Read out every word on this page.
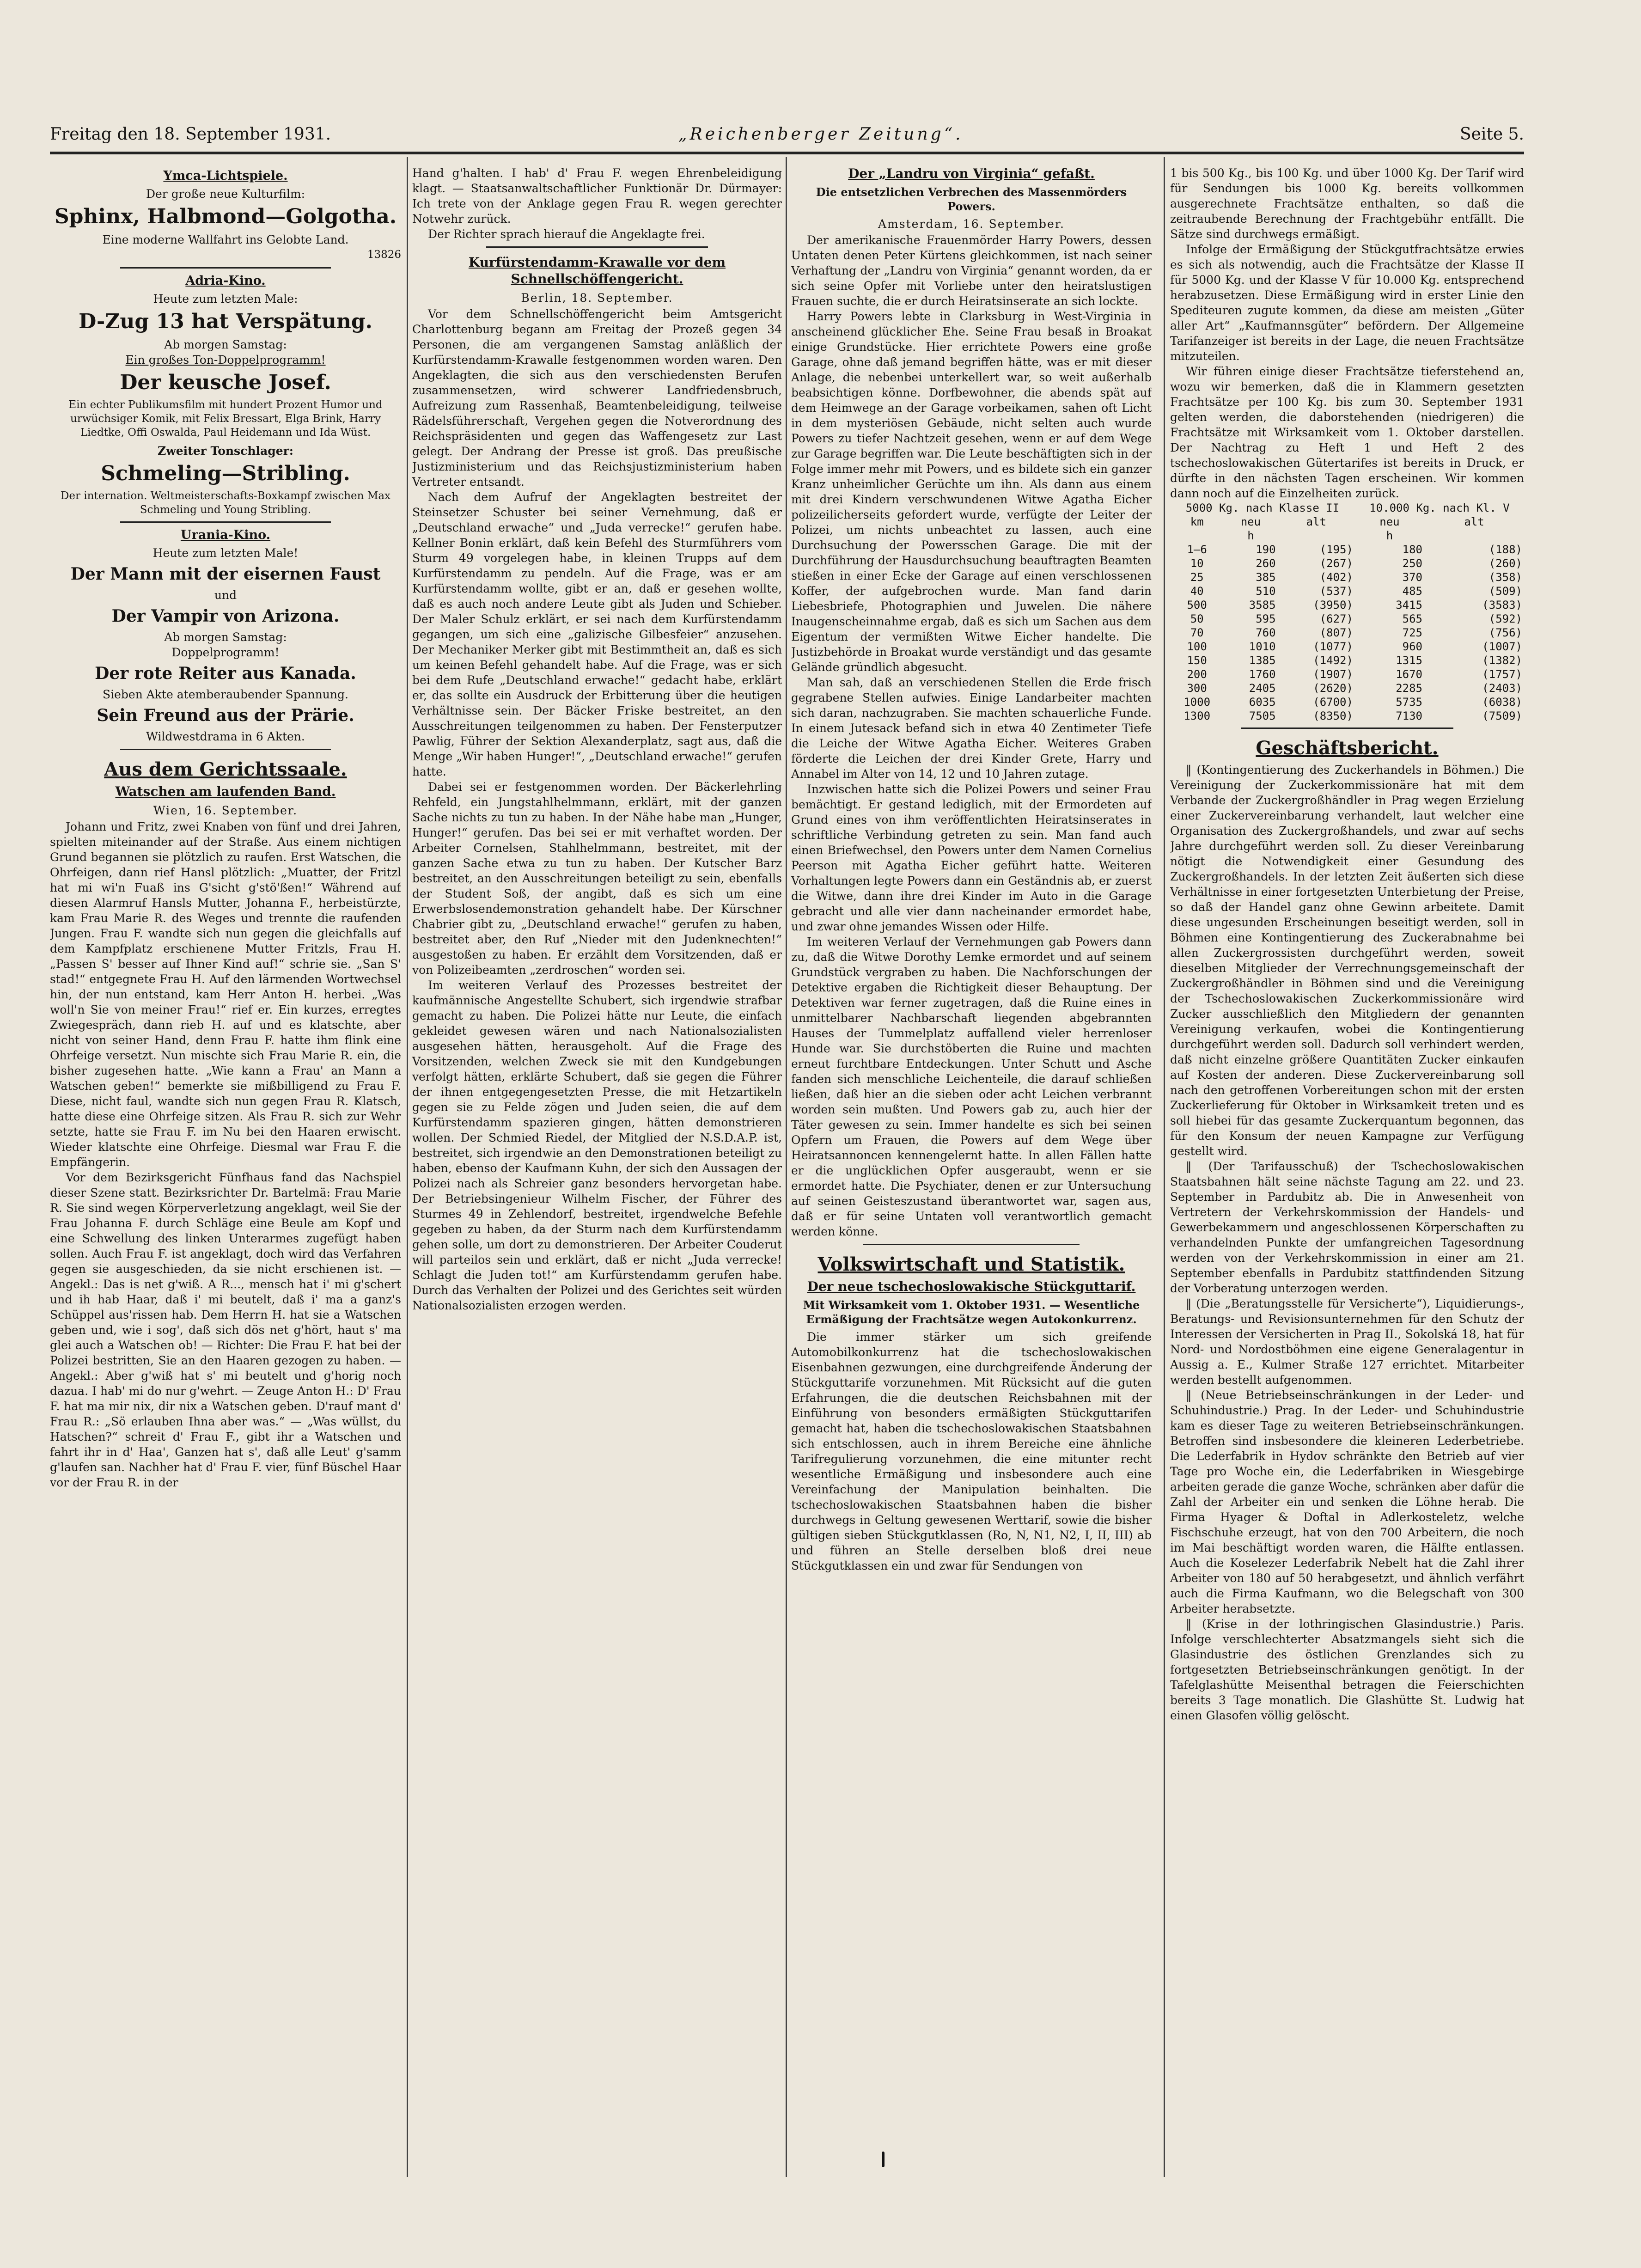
Freitag den 18. September 1931.	„Reichenberger Zeitung“.	Seite 5.
Ymca-Lichtspiele.
Der große neue Kulturfilm:
Sphinx, Halbmond—Golgotha.
Eine moderne Wallfahrt ins Gelobte Land.
13826
Adria-Kino.
Heute zum letzten Male:
D-Zug 13 hat Verspätung.
Ab morgen Samstag:
Ein großes Ton-Doppelprogramm!
Der keusche Josef.
Ein echter Publikumsfilm mit hundert Prozent Humor und urwüchsiger Komik, mit Felix Bressart, Elga Brink, Harry Liedtke, Offi Oswalda, Paul Heidemann und Ida Wüst.
Zweiter Tonschlager:
Schmeling—Stribling.
Der internation. Weltmeisterschafts-Boxkampf zwischen Max Schmeling und Young Stribling.
Urania-Kino.
Heute zum letzten Male!
Der Mann mit der eisernen Faust
und
Der Vampir von Arizona.
Ab morgen Samstag:
Doppelprogramm!
Der rote Reiter aus Kanada.
Sieben Akte atemberaubender Spannung.
Sein Freund aus der Prärie.
Wildwestdrama in 6 Akten.
Aus dem Gerichtssaale.
Watschen am laufenden Band.
Wien, 16. September.

Johann und Fritz, zwei Knaben von fünf und drei Jahren, spielten miteinander auf der Straße. Aus einem nichtigen Grund begannen sie plötzlich zu raufen. Erst Watschen, die Ohrfeigen, dann rief Hansl plötzlich: „Muatter, der Fritzl hat mi wi'n Fuaß ins G'sicht g'stö'ßen!“ Während auf diesen Alarmruf Hansls Mutter, Johanna F., herbeistürzte, kam Frau Marie R. des Weges und trennte die raufenden Jungen. Frau F. wandte sich nun gegen die gleichfalls auf dem Kampfplatz erschienene Mutter Fritzls, Frau H. „Passen S' besser auf Ihner Kind auf!“ schrie sie. „San S' stad!“ entgegnete Frau H. Auf den lärmenden Wortwechsel hin, der nun entstand, kam Herr Anton H. herbei. „Was woll'n Sie von meiner Frau!“ rief er. Ein kurzes, erregtes Zwiegespräch, dann rieb H. auf und es klatschte, aber nicht von seiner Hand, denn Frau F. hatte ihm flink eine Ohrfeige versetzt. Nun mischte sich Frau Marie R. ein, die bisher zugesehen hatte. „Wie kann a Frau' an Mann a Watschen geben!“ bemerkte sie mißbilligend zu Frau F. Diese, nicht faul, wandte sich nun gegen Frau R. Klatsch, hatte diese eine Ohrfeige sitzen. Als Frau R. sich zur Wehr setzte, hatte sie Frau F. im Nu bei den Haaren erwischt. Wieder klatschte eine Ohrfeige. Diesmal war Frau F. die Empfängerin.

Vor dem Bezirksgericht Fünfhaus fand das Nachspiel dieser Szene statt. Bezirksrichter Dr. Bartelmä: Frau Marie R. Sie sind wegen Körperverletzung angeklagt, weil Sie der Frau Johanna F. durch Schläge eine Beule am Kopf und eine Schwellung des linken Unterarmes zugefügt haben sollen. Auch Frau F. ist angeklagt, doch wird das Verfahren gegen sie ausgeschieden, da sie nicht erschienen ist. — Angekl.: Das is net g'wiß. A R..., mensch hat i' mi g'schert und ih hab Haar, daß i' mi beutelt, daß i' ma a ganz's Schüppel aus'rissen hab. Dem Herrn H. hat sie a Watschen geben und, wie i sog', daß sich dös net g'hört, haut s' ma glei auch a Watschen ob! — Richter: Die Frau F. hat bei der Polizei bestritten, Sie an den Haaren gezogen zu haben. — Angekl.: Aber g'wiß hat s' mi beutelt und g'horig noch dazua. I hab' mi do nur g'wehrt. — Zeuge Anton H.: D' Frau F. hat ma mir nix, dir nix a Watschen geben. D'rauf mant d' Frau R.: „Sö erlauben Ihna aber was.“ — „Was wüllst, du Hatschen?“ schreit d' Frau F., gibt ihr a Watschen und fahrt ihr in d' Haa', Ganzen hat s', daß alle Leut' g'samm g'laufen san. Nachher hat d' Frau F. vier, fünf Büschel Haar vor der Frau R. in der

Hand g'halten. I hab' d' Frau F. wegen Ehrenbeleidigung klagt. — Staatsanwaltschaftlicher Funktionär Dr. Dürmayer: Ich trete von der Anklage gegen Frau R. wegen gerechter Notwehr zurück.

Der Richter sprach hierauf die Angeklagte frei.

Kurfürstendamm-Krawalle vor dem Schnellschöffengericht.
Berlin, 18. September.

Vor dem Schnellschöffengericht beim Amtsgericht Charlottenburg begann am Freitag der Prozeß gegen 34 Personen, die am vergangenen Samstag anläßlich der Kurfürstendamm-Krawalle festgenommen worden waren. Den Angeklagten, die sich aus den verschiedensten Berufen zusammensetzen, wird schwerer Landfriedensbruch, Aufreizung zum Rassenhaß, Beamtenbeleidigung, teilweise Rädelsführerschaft, Vergehen gegen die Notverordnung des Reichspräsidenten und gegen das Waffengesetz zur Last gelegt. Der Andrang der Presse ist groß. Das preußische Justizministerium und das Reichsjustizministerium haben Vertreter entsandt.

Nach dem Aufruf der Angeklagten bestreitet der Steinsetzer Schuster bei seiner Vernehmung, daß er „Deutschland erwache“ und „Juda verrecke!“ gerufen habe. Kellner Bonin erklärt, daß kein Befehl des Sturmführers vom Sturm 49 vorgelegen habe, in kleinen Trupps auf dem Kurfürstendamm zu pendeln. Auf die Frage, was er am Kurfürstendamm wollte, gibt er an, daß er gesehen wollte, daß es auch noch andere Leute gibt als Juden und Schieber. Der Maler Schulz erklärt, er sei nach dem Kurfürstendamm gegangen, um sich eine „galizische Gilbesfeier“ anzusehen. Der Mechaniker Merker gibt mit Bestimmtheit an, daß es sich um keinen Befehl gehandelt habe. Auf die Frage, was er sich bei dem Rufe „Deutschland erwache!“ gedacht habe, erklärt er, das sollte ein Ausdruck der Erbitterung über die heutigen Verhältnisse sein. Der Bäcker Friske bestreitet, an den Ausschreitungen teilgenommen zu haben. Der Fensterputzer Pawlig, Führer der Sektion Alexanderplatz, sagt aus, daß die Menge „Wir haben Hunger!“, „Deutschland erwache!“ gerufen hatte.

Dabei sei er festgenommen worden. Der Bäckerlehrling Rehfeld, ein Jungstahlhelmmann, erklärt, mit der ganzen Sache nichts zu tun zu haben. In der Nähe habe man „Hunger, Hunger!“ gerufen. Das bei sei er mit verhaftet worden. Der Arbeiter Cornelsen, Stahlhelmmann, bestreitet, mit der ganzen Sache etwa zu tun zu haben. Der Kutscher Barz bestreitet, an den Ausschreitungen beteiligt zu sein, ebenfalls der Student Soß, der angibt, daß es sich um eine Erwerbslosendemonstration gehandelt habe. Der Kürschner Chabrier gibt zu, „Deutschland erwache!“ gerufen zu haben, bestreitet aber, den Ruf „Nieder mit den Judenknechten!“ ausgestoßen zu haben. Er erzählt dem Vorsitzenden, daß er von Polizeibeamten „zerdroschen“ worden sei.

Im weiteren Verlauf des Prozesses bestreitet der kaufmännische Angestellte Schubert, sich irgendwie strafbar gemacht zu haben. Die Polizei hätte nur Leute, die einfach gekleidet gewesen wären und nach Nationalsozialisten ausgesehen hätten, herausgeholt. Auf die Frage des Vorsitzenden, welchen Zweck sie mit den Kundgebungen verfolgt hätten, erklärte Schubert, daß sie gegen die Führer der ihnen entgegengesetzten Presse, die mit Hetzartikeln gegen sie zu Felde zögen und Juden seien, die auf dem Kurfürstendamm spazieren gingen, hätten demonstrieren wollen. Der Schmied Riedel, der Mitglied der N.S.D.A.P. ist, bestreitet, sich irgendwie an den Demonstrationen beteiligt zu haben, ebenso der Kaufmann Kuhn, der sich den Aussagen der Polizei nach als Schreier ganz besonders hervorgetan habe. Der Betriebsingenieur Wilhelm Fischer, der Führer des Sturmes 49 in Zehlendorf, bestreitet, irgendwelche Befehle gegeben zu haben, da der Sturm nach dem Kurfürstendamm gehen solle, um dort zu demonstrieren. Der Arbeiter Couderut will parteilos sein und erklärt, daß er nicht „Juda verrecke! Schlagt die Juden tot!“ am Kurfürstendamm gerufen habe. Durch das Verhalten der Polizei und des Gerichtes seit würden Nationalsozialisten erzogen werden.

Der „Landru von Virginia“ gefaßt.
Die entsetzlichen Verbrechen des Massenmörders Powers.
Amsterdam, 16. September.

Der amerikanische Frauenmörder Harry Powers, dessen Untaten denen Peter Kürtens gleichkommen, ist nach seiner Verhaftung der „Landru von Virginia“ genannt worden, da er sich seine Opfer mit Vorliebe unter den heiratslustigen Frauen suchte, die er durch Heiratsinserate an sich lockte.

Harry Powers lebte in Clarksburg in West-Virginia in anscheinend glücklicher Ehe. Seine Frau besaß in Broakat einige Grundstücke. Hier errichtete Powers eine große Garage, ohne daß jemand begriffen hätte, was er mit dieser Anlage, die nebenbei unterkellert war, so weit außerhalb beabsichtigen könne. Dorfbewohner, die abends spät auf dem Heimwege an der Garage vorbeikamen, sahen oft Licht in dem mysteriösen Gebäude, nicht selten auch wurde Powers zu tiefer Nachtzeit gesehen, wenn er auf dem Wege zur Garage begriffen war. Die Leute beschäftigten sich in der Folge immer mehr mit Powers, und es bildete sich ein ganzer Kranz unheimlicher Gerüchte um ihn. Als dann aus einem mit drei Kindern verschwundenen Witwe Agatha Eicher polizeilicherseits gefordert wurde, verfügte der Leiter der Polizei, um nichts unbeachtet zu lassen, auch eine Durchsuchung der Powersschen Garage. Die mit der Durchführung der Hausdurchsuchung beauftragten Beamten stießen in einer Ecke der Garage auf einen verschlossenen Koffer, der aufgebrochen wurde. Man fand darin Liebesbriefe, Photographien und Juwelen. Die nähere Inaugenscheinnahme ergab, daß es sich um Sachen aus dem Eigentum der vermißten Witwe Eicher handelte. Die Justizbehörde in Broakat wurde verständigt und das gesamte Gelände gründlich abgesucht.

Man sah, daß an verschiedenen Stellen die Erde frisch gegrabene Stellen aufwies. Einige Landarbeiter machten sich daran, nachzugraben. Sie machten schauerliche Funde. In einem Jutesack befand sich in etwa 40 Zentimeter Tiefe die Leiche der Witwe Agatha Eicher. Weiteres Graben förderte die Leichen der drei Kinder Grete, Harry und Annabel im Alter von 14, 12 und 10 Jahren zutage.

Inzwischen hatte sich die Polizei Powers und seiner Frau bemächtigt. Er gestand lediglich, mit der Ermordeten auf Grund eines von ihm veröffentlichten Heiratsinserates in schriftliche Verbindung getreten zu sein. Man fand auch einen Briefwechsel, den Powers unter dem Namen Cornelius Peerson mit Agatha Eicher geführt hatte. Weiteren Vorhaltungen legte Powers dann ein Geständnis ab, er zuerst die Witwe, dann ihre drei Kinder im Auto in die Garage gebracht und alle vier dann nacheinander ermordet habe, und zwar ohne jemandes Wissen oder Hilfe.

Im weiteren Verlauf der Vernehmungen gab Powers dann zu, daß die Witwe Dorothy Lemke ermordet und auf seinem Grundstück vergraben zu haben. Die Nachforschungen der Detektive ergaben die Richtigkeit dieser Behauptung. Der Detektiven war ferner zugetragen, daß die Ruine eines in unmittelbarer Nachbarschaft liegenden abgebrannten Hauses der Tummelplatz auffallend vieler herrenloser Hunde war. Sie durchstöberten die Ruine und machten erneut furchtbare Entdeckungen. Unter Schutt und Asche fanden sich menschliche Leichenteile, die darauf schließen ließen, daß hier an die sieben oder acht Leichen verbrannt worden sein mußten. Und Powers gab zu, auch hier der Täter gewesen zu sein. Immer handelte es sich bei seinen Opfern um Frauen, die Powers auf dem Wege über Heiratsannoncen kennengelernt hatte. In allen Fällen hatte er die unglücklichen Opfer ausgeraubt, wenn er sie ermordet hatte. Die Psychiater, denen er zur Untersuchung auf seinen Geisteszustand überantwortet war, sagen aus, daß er für seine Untaten voll verantwortlich gemacht werden könne.

Volkswirtschaft und Statistik.
Der neue tschechoslowakische Stückguttarif.
Mit Wirksamkeit vom 1. Oktober 1931. — Wesentliche Ermäßigung der Frachtsätze wegen Autokonkurrenz.

Die immer stärker um sich greifende Automobilkonkurrenz hat die tschechoslowakischen Eisenbahnen gezwungen, eine durchgreifende Änderung der Stückguttarife vorzunehmen. Mit Rücksicht auf die guten Erfahrungen, die die deutschen Reichsbahnen mit der Einführung von besonders ermäßigten Stückguttarifen gemacht hat, haben die tschechoslowakischen Staatsbahnen sich entschlossen, auch in ihrem Bereiche eine ähnliche Tarifregulierung vorzunehmen, die eine mitunter recht wesentliche Ermäßigung und insbesondere auch eine Vereinfachung der Manipulation beinhalten. Die tschechoslowakischen Staatsbahnen haben die bisher durchwegs in Geltung gewesenen Werttarif, sowie die bisher gültigen sieben Stückgutklassen (Ro, N, N1, N2, I, II, III) ab und führen an Stelle derselben bloß drei neue Stückgutklassen ein und zwar für Sendungen von

1 bis 500 Kg., bis 100 Kg. und über 1000 Kg. Der Tarif wird für Sendungen bis 1000 Kg. bereits vollkommen ausgerechnete Frachtsätze enthalten, so daß die zeitraubende Berechnung der Frachtgebühr entfällt. Die Sätze sind durchwegs ermäßigt.

Infolge der Ermäßigung der Stückgutfrachtsätze erwies es sich als notwendig, auch die Frachtsätze der Klasse II für 5000 Kg. und der Klasse V für 10.000 Kg. entsprechend herabzusetzen. Diese Ermäßigung wird in erster Linie den Spediteuren zugute kommen, da diese am meisten „Güter aller Art“ „Kaufmannsgüter“ befördern. Der Allgemeine Tarifanzeiger ist bereits in der Lage, die neuen Frachtsätze mitzuteilen.

Wir führen einige dieser Frachtsätze tieferstehend an, wozu wir bemerken, daß die in Klammern gesetzten Frachtsätze per 100 Kg. bis zum 30. September 1931 gelten werden, die daborstehenden (niedrigeren) die Frachtsätze mit Wirksamkeit vom 1. Oktober darstellen. Der Nachtrag zu Heft 1 und Heft 2 des tschechoslowakischen Gütertarifes ist bereits in Druck, er dürfte in den nächsten Tagen erscheinen. Wir kommen dann noch auf die Einzelheiten zurück.

5000 Kg. nach Klasse II			10.000 Kg. nach Kl. V	
km	neu	alt	neu	alt
	h		h	
1—6	190	(195)	180	(188)
10	260	(267)	250	(260)
25	385	(402)	370	(358)
40	510	(537)	485	(509)
500	3585	(3950)	3415	(3583)
50	595	(627)	565	(592)
70	760	(807)	725	(756)
100	1010	(1077)	960	(1007)
150	1385	(1492)	1315	(1382)
200	1760	(1907)	1670	(1757)
300	2405	(2620)	2285	(2403)
1000	6035	(6700)	5735	(6038)
1300	7505	(8350)	7130	(7509)
Geschäftsbericht.

‖ (Kontingentierung des Zuckerhandels in Böhmen.) Die Vereinigung der Zuckerkommissionäre hat mit dem Verbande der Zuckergroßhändler in Prag wegen Erzielung einer Zuckervereinbarung verhandelt, laut welcher eine Organisation des Zuckergroßhandels, und zwar auf sechs Jahre durchgeführt werden soll. Zu dieser Vereinbarung nötigt die Notwendigkeit einer Gesundung des Zuckergroßhandels. In der letzten Zeit äußerten sich diese Verhältnisse in einer fortgesetzten Unterbietung der Preise, so daß der Handel ganz ohne Gewinn arbeitete. Damit diese ungesunden Erscheinungen beseitigt werden, soll in Böhmen eine Kontingentierung des Zuckerabnahme bei allen Zuckergrossisten durchgeführt werden, soweit dieselben Mitglieder der Verrechnungsgemeinschaft der Zuckergroßhändler in Böhmen sind und die Vereinigung der Tschechoslowakischen Zuckerkommissionäre wird Zucker ausschließlich den Mitgliedern der genannten Vereinigung verkaufen, wobei die Kontingentierung durchgeführt werden soll. Dadurch soll verhindert werden, daß nicht einzelne größere Quantitäten Zucker einkaufen auf Kosten der anderen. Diese Zuckervereinbarung soll nach den getroffenen Vorbereitungen schon mit der ersten Zuckerlieferung für Oktober in Wirksamkeit treten und es soll hiebei für das gesamte Zuckerquantum begonnen, das für den Konsum der neuen Kampagne zur Verfügung gestellt wird.

‖ (Der Tarifausschuß) der Tschechoslowakischen Staatsbahnen hält seine nächste Tagung am 22. und 23. September in Pardubitz ab. Die in Anwesenheit von Vertretern der Verkehrskommission der Handels- und Gewerbekammern und angeschlossenen Körperschaften zu verhandelnden Punkte der umfangreichen Tagesordnung werden von der Verkehrskommission in einer am 21. September ebenfalls in Pardubitz stattfindenden Sitzung der Vorberatung unterzogen werden.

‖ (Die „Beratungsstelle für Versicherte“), Liquidierungs-, Beratungs- und Revisionsunternehmen für den Schutz der Interessen der Versicherten in Prag II., Sokolská 18, hat für Nord- und Nordostböhmen eine eigene Generalagentur in Aussig a. E., Kulmer Straße 127 errichtet. Mitarbeiter werden bestellt aufgenommen.

‖ (Neue Betriebseinschränkungen in der Leder- und Schuhindustrie.) Prag. In der Leder- und Schuhindustrie kam es dieser Tage zu weiteren Betriebseinschränkungen. Betroffen sind insbesondere die kleineren Lederbetriebe. Die Lederfabrik in Hydov schränkte den Betrieb auf vier Tage pro Woche ein, die Lederfabriken in Wiesgebirge arbeiten gerade die ganze Woche, schränken aber dafür die Zahl der Arbeiter ein und senken die Löhne herab. Die Firma Hyager & Doftal in Adlerkosteletz, welche Fischschuhe erzeugt, hat von den 700 Arbeitern, die noch im Mai beschäftigt worden waren, die Hälfte entlassen. Auch die Koselezer Lederfabrik Nebelt hat die Zahl ihrer Arbeiter von 180 auf 50 herabgesetzt, und ähnlich verfährt auch die Firma Kaufmann, wo die Belegschaft von 300 Arbeiter herabsetzte.

‖ (Krise in der lothringischen Glasindustrie.) Paris. Infolge verschlechterter Absatzmangels sieht sich die Glasindustrie des östlichen Grenzlandes sich zu fortgesetzten Betriebseinschränkungen genötigt. In der Tafelglashütte Meisenthal betragen die Feierschichten bereits 3 Tage monatlich. Die Glashütte St. Ludwig hat einen Glasofen völlig gelöscht.
